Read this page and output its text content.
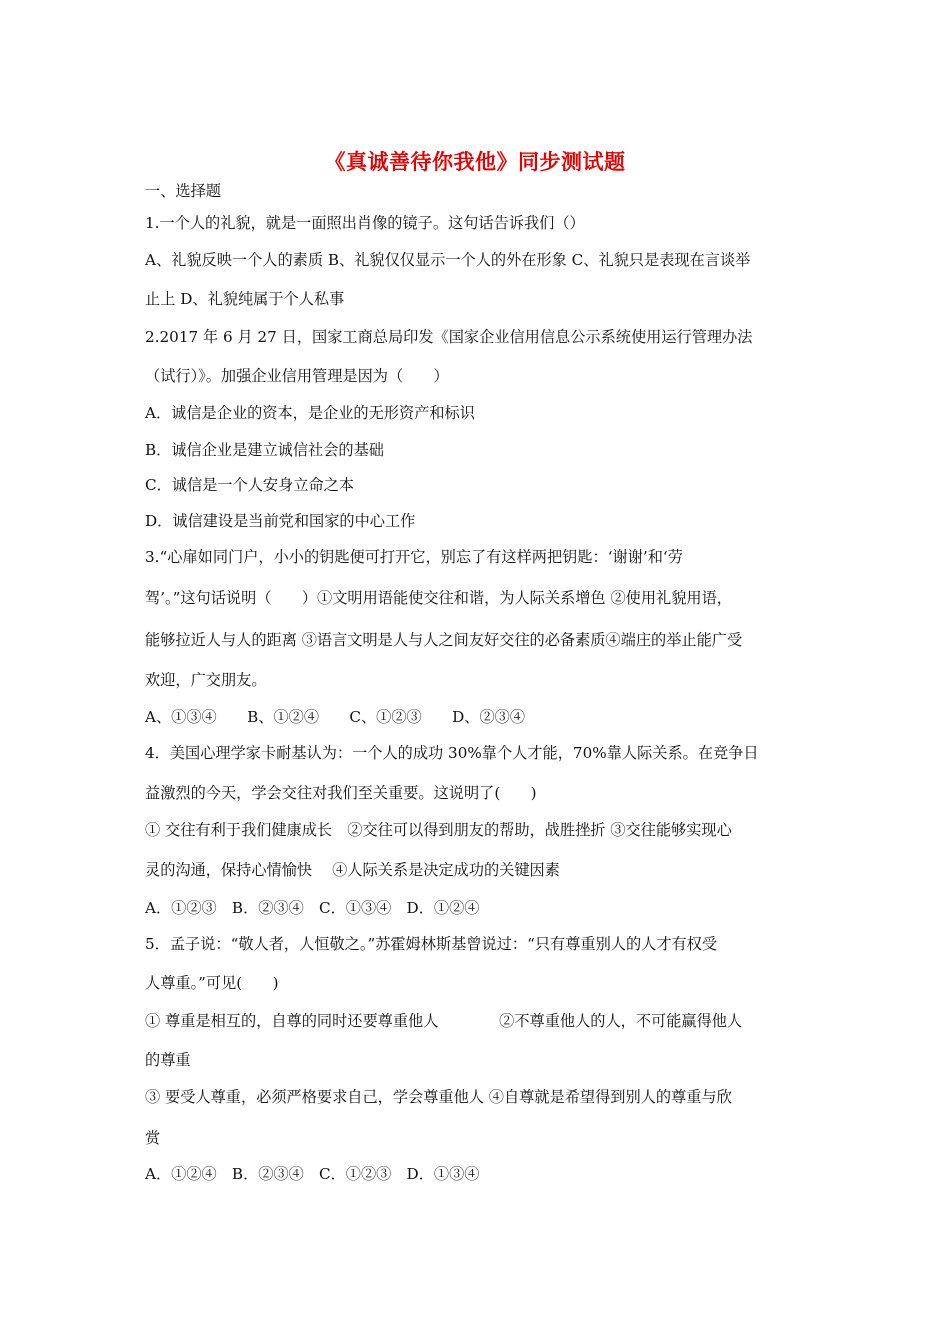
《真诚善待你我他》同步测试题
一、选择题
1.一个人的礼貌，就是一面照出肖像的镜子。这句话告诉我们（）
A、礼貌反映一个人的素质 B、礼貌仅仅显示一个人的外在形象 C、礼貌只是表现在言谈举
止上 D、礼貌纯属于个人私事
2.2017 年 6 月 27 日，国家工商总局印发《国家企业信用信息公示系统使用运行管理办法
（试行）》。加强企业信用管理是因为（　　）
A．诚信是企业的资本，是企业的无形资产和标识
B．诚信企业是建立诚信社会的基础
C．诚信是一个人安身立命之本
D．诚信建设是当前党和国家的中心工作
3.“心扉如同门户，小小的钥匙便可打开它，别忘了有这样两把钥匙：‘谢谢’和‘劳
驾’。”这句话说明（　　）①文明用语能使交往和谐，为人际关系增色 ②使用礼貌用语，
能够拉近人与人的距离 ③语言文明是人与人之间友好交往的必备素质④端庄的举止能广受
欢迎，广交朋友。
A、①③④　　B、①②④　　C、①②③　　D、②③④
4．美国心理学家卡耐基认为：一个人的成功 30%靠个人才能，70%靠人际关系。在竞争日
益激烈的今天，学会交往对我们至关重要。这说明了(　　)
① 交往有利于我们健康成长　②交往可以得到朋友的帮助，战胜挫折 ③交往能够实现心
灵的沟通，保持心情愉快　 ④人际关系是决定成功的关键因素
A．①②③　B．②③④　C．①③④　D．①②④
5．孟子说：“敬人者，人恒敬之。”苏霍姆林斯基曾说过：“只有尊重别人的人才有权受
人尊重。”可见(　　)
① 尊重是相互的，自尊的同时还要尊重他人　　　　②不尊重他人的人，不可能赢得他人
的尊重
③ 要受人尊重，必须严格要求自己，学会尊重他人 ④自尊就是希望得到别人的尊重与欣
赏
A．①②④　B．②③④　C．①②③　D．①③④
